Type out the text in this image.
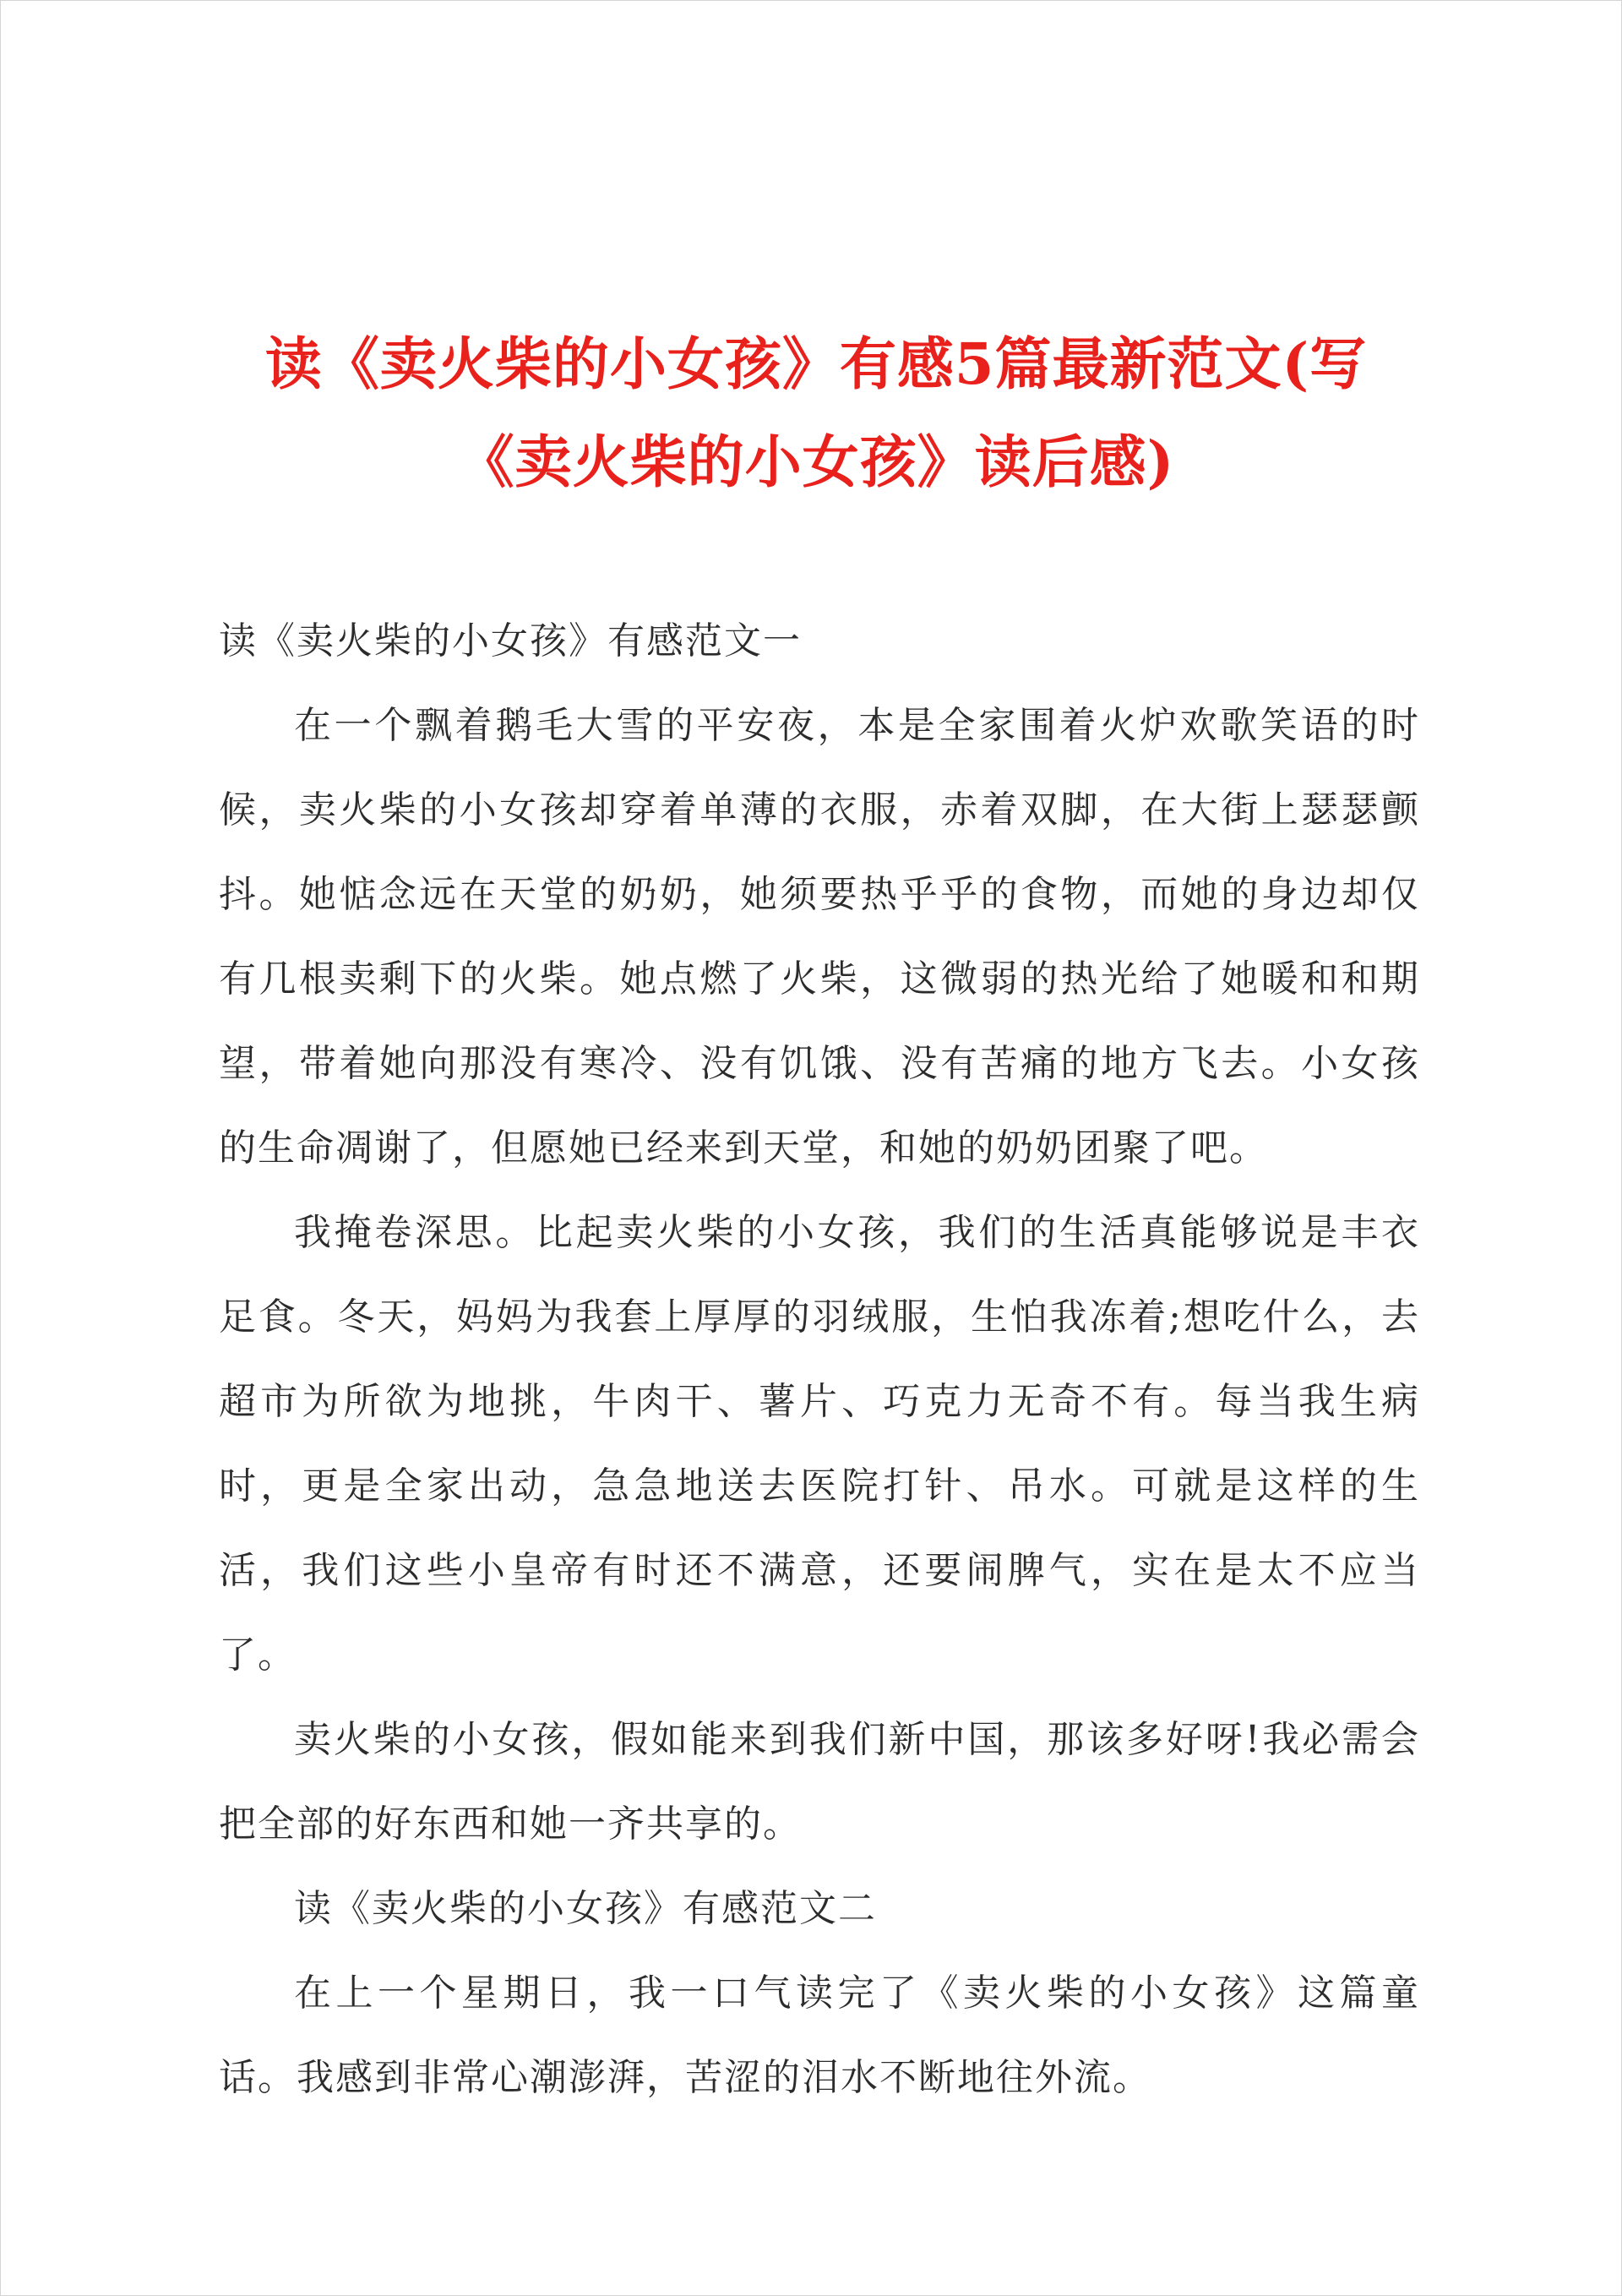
读《卖火柴的小女孩》有感5篇最新范文(写《卖火柴的小女孩》读后感)

读《卖火柴的小女孩》有感范文一

在一个飘着鹅毛大雪的平安夜，本是全家围着火炉欢歌笑语的时候，卖火柴的小女孩却穿着单薄的衣服，赤着双脚，在大街上瑟瑟颤抖。她惦念远在天堂的奶奶，她须要热乎乎的食物，而她的身边却仅有几根卖剩下的火柴。她点燃了火柴，这微弱的热光给了她暖和和期望，带着她向那没有寒冷、没有饥饿、没有苦痛的地方飞去。小女孩的生命凋谢了，但愿她已经来到天堂，和她的奶奶团聚了吧。

我掩卷深思。比起卖火柴的小女孩，我们的生活真能够说是丰衣足食。冬天，妈妈为我套上厚厚的羽绒服，生怕我冻着;想吃什么，去超市为所欲为地挑，牛肉干、薯片、巧克力无奇不有。每当我生病时，更是全家出动，急急地送去医院打针、吊水。可就是这样的生活，我们这些小皇帝有时还不满意，还要闹脾气，实在是太不应当了。

卖火柴的小女孩，假如能来到我们新中国，那该多好呀!我必需会把全部的好东西和她一齐共享的。

读《卖火柴的小女孩》有感范文二

在上一个星期日，我一口气读完了《卖火柴的小女孩》这篇童话。我感到非常心潮澎湃，苦涩的泪水不断地往外流。
